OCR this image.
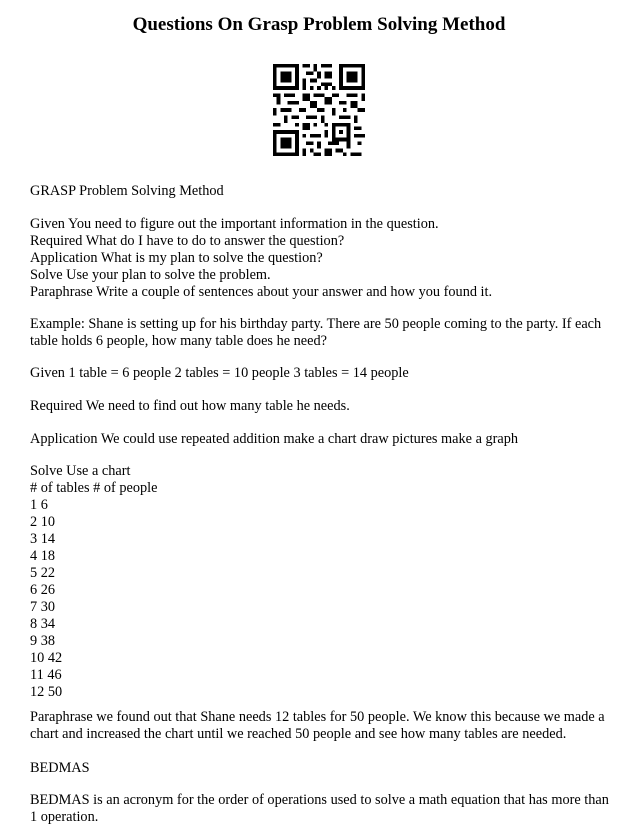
Questions On Grasp Problem Solving Method
GRASP Problem Solving Method
Given You need to figure out the important information in the question.
Required What do I have to do to answer the question?
Application What is my plan to solve the question?
Solve Use your plan to solve the problem.
Paraphrase Write a couple of sentences about your answer and how you found it.
Example: Shane is setting up for his birthday party. There are 50 people coming to the party. If each table holds 6 people, how many table does he need?
Given 1 table = 6 people 2 tables = 10 people 3 tables = 14 people
Required We need to find out how many table he needs.
Application We could use repeated addition make a chart draw pictures make a graph
Solve Use a chart
# of tables # of people
1 6
2 10
3 14
4 18
5 22
6 26
7 30
8 34
9 38
10 42
11 46
12 50
Paraphrase we found out that Shane needs 12 tables for 50 people. We know this because we made a chart and increased the chart until we reached 50 people and see how many tables are needed.
BEDMAS
BEDMAS is an acronym for the order of operations used to solve a math equation that has more than 1 operation.
